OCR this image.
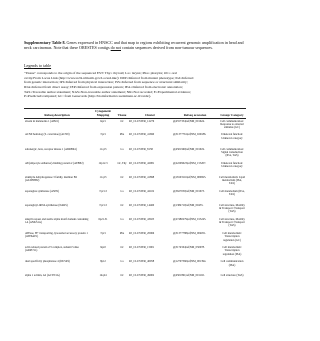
Supplementary Table 8. Genes expressed in HNSCC and that map to regions exhibiting recurrent genomic amplification in head and neck carcinomas. Note that these ORESTES contigs do not contain sequences derived from non-tumour sequences.

Legends to table

"Tissue" corresponds to the origin of the sequenced EST: Thy= thyroid; La= larynx; Pha= pharynx; OC= oral

cavity.From Locus Link (http://www.ncbi.nlm.nih.gov/LocusLink/): IMP=Inferred from mutant phenotype; IGI=Inferred

from genetic interaction; IPI=Inferred from physical interaction; ISS=Inferred from sequence or structural similarity;

IDA=Inferred from direct assay; IEP=Inferred from expression pattern; IEA=Inferred from electronic annotation;

TAS=Traceable author statement; NAS=Non-traceable author statement; NR=Not recorded; E=Experimental evidence;

P=Predicted/computed; GC: from Genecards (http://bioinformatics.weizmann.ac.il/cards/).

Refseq description	Cytogenetic Mapping	Tissue	Cluster	Refseq accession	Group/ Category
absent in melanoma 1 (AIM1)	6q21	Oc	RJ_CLUSTER_12276	gi|4557334|ref|NM_001624.	Cell communication: Response to external stimulus (GC)
ACN9 homolog (S. cerevisiae) (ACN9)	7q21	Pha	RJ_CLUSTER_41690	gi|31377761|ref|NM_020186.	Unknown function: Unknown category
adrenergic, beta, receptor kinase 1 (ADRBK1)	11q13	La	RJ_CLUSTER_8158	gi|4501960|ref|NM_001619.	Cell communication: Signal transduction (IEA, TAS)
AE(adipocyte enhancer)-binding protein 2 (AEBP2)	12p12.3	Oc, Thy	RJ_CLUSTER_42981	gi|22209023|ref|NM_153207.	Unknown function: Unknown category
aldehyde dehydrogenase 3 family, member B2 (ALDH3B2)	11q13	Oc	RJ_CLUSTER_41898	gi|18103116|ref|NM_000695.	Cell metabolism: Lipid metabolism (IEA, TAS)
asparagine synthetase (ASNS)	7q21.3	La	RJ_CLUSTER_42102	gi|5627050|ref|NM_001673.	Cell metabolism (IEA, TAS)
asparaginyl-tRNA synthetase (NARS)	7q21.3	Oc	RJ_CLUSTER_14460	gi|1384710|ref|NM_00455.	Cell structure, Motility & Transport: Transport (TAS)
ankyrin repeat and sterile alpha motif domain containing 1A (ANKS1A)	6p21.31	La	RJ_CLUSTER_43025	gi|27480279|ref|NM_015245.	Cell structure, Motility & Transport: Transport (TAS)
ATPase, H+ transporting, lysosomal accessory protein 1 (ATP6AP1)	7q21	Pha	RJ_CLUSTER_20066	gi|31377788|ref|NM_004051.	Cell metabolism: Transcription regulation (GC)
actin related protein 2/3 complex, subunit 5-like (ARPC5L)	9q22	Oc	RJ_CLUSTER_15901	gi|5174504|ref|NM_030978.	Cell metabolism: Transcription regulation (IEA)
dual specificity phosphatase 4 (DUSP4)	8p12	La	RJ_CLUSTER_40958	gi|12707560|ref|NM_001394.	Cell communication (IEA)
alpha 1 actinin, A2 (ACTN1A)	14q24	Oc	RJ_CLUSTER_49002	gi|4501891|ref|NM_001102.	Cell structure (TAS)
